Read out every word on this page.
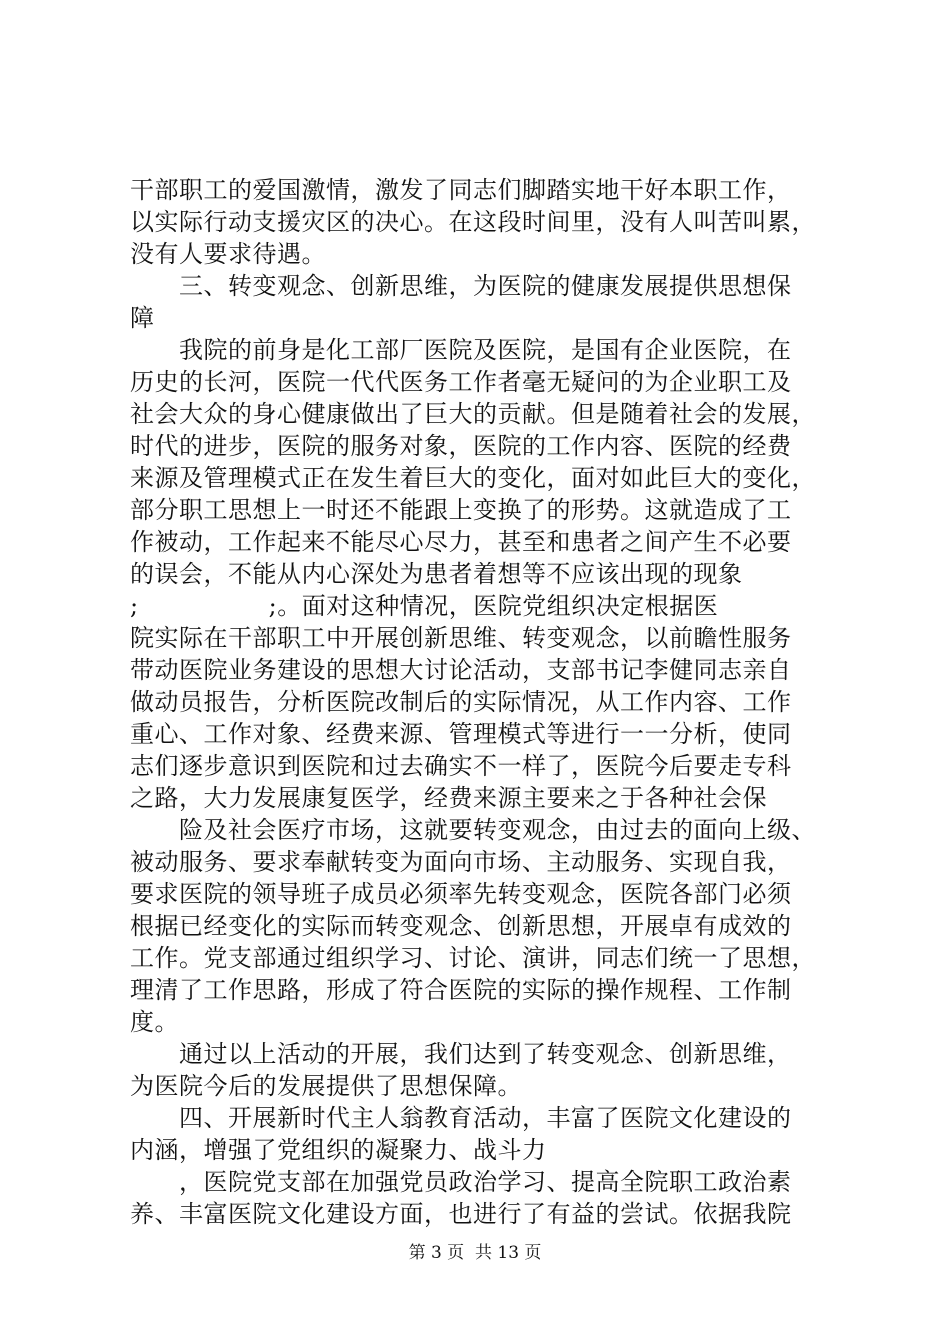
干部职工的爱国激情，激发了同志们脚踏实地干好本职工作，
以实际行动支援灾区的决心。在这段时间里，没有人叫苦叫累，
没有人要求待遇。
　　三、转变观念、创新思维，为医院的健康发展提供思想保
障
　　我院的前身是化工部厂医院及医院，是国有企业医院，在
历史的长河，医院一代代医务工作者毫无疑问的为企业职工及
社会大众的身心健康做出了巨大的贡献。但是随着社会的发展，
时代的进步，医院的服务对象，医院的工作内容、医院的经费
来源及管理模式正在发生着巨大的变化，面对如此巨大的变化，
部分职工思想上一时还不能跟上变换了的形势。这就造成了工
作被动，工作起来不能尽心尽力，甚至和患者之间产生不必要
的误会，不能从内心深处为患者着想等不应该出现的现象
;                ;。面对这种情况，医院党组织决定根据医
院实际在干部职工中开展创新思维、转变观念，以前瞻性服务
带动医院业务建设的思想大讨论活动，支部书记李健同志亲自
做动员报告，分析医院改制后的实际情况，从工作内容、工作
重心、工作对象、经费来源、管理模式等进行一一分析，使同
志们逐步意识到医院和过去确实不一样了，医院今后要走专科
之路，大力发展康复医学，经费来源主要来之于各种社会保
　　险及社会医疗市场，这就要转变观念，由过去的面向上级、
被动服务、要求奉献转变为面向市场、主动服务、实现自我，
要求医院的领导班子成员必须率先转变观念，医院各部门必须
根据已经变化的实际而转变观念、创新思想，开展卓有成效的
工作。党支部通过组织学习、讨论、演讲，同志们统一了思想，
理清了工作思路，形成了符合医院的实际的操作规程、工作制
度。
　　通过以上活动的开展，我们达到了转变观念、创新思维，
为医院今后的发展提供了思想保障。
　　四、开展新时代主人翁教育活动，丰富了医院文化建设的
内涵，增强了党组织的凝聚力、战斗力
　　，医院党支部在加强党员政治学习、提高全院职工政治素
养、丰富医院文化建设方面，也进行了有益的尝试。依据我院
第 3 页  共 13 页
